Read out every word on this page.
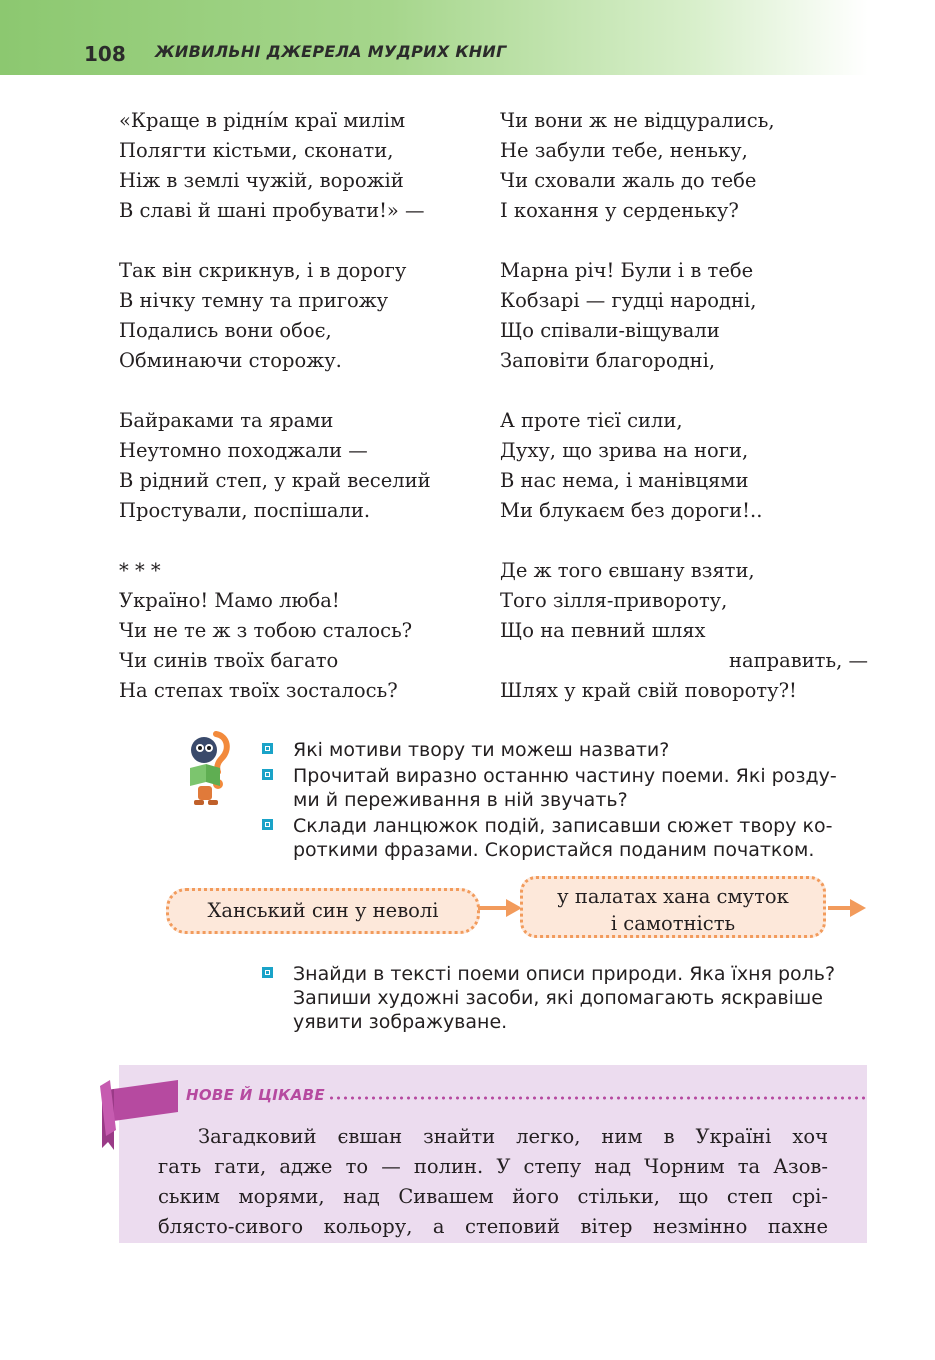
108 ЖИВИЛЬНІ ДЖЕРЕЛА МУДРИХ КНИГ
«Краще в рідні́м краї милім
Полягти кістьми, сконати,
Ніж в землі чужій, ворожій
В славі й шані пробувати!» —
Так він скрикнув, і в дорогу
В нічку темну та пригожу
Подались вони обоє,
Обминаючи сторожу.
Байраками та ярами
Неутомно походжали —
В рідний степ, у край веселий
Простували, поспішали.
* * *
Україно! Мамо люба!
Чи не те ж з тобою сталось?
Чи синів твоїх багато
На степах твоїх зосталось?
Чи вони ж не відцурались,
Не забули тебе, неньку,
Чи сховали жаль до тебе
І кохання у серденьку?
Марна річ! Були і в тебе
Кобзарі — гудці народні,
Що співали-віщували
Заповіти благородні,
А проте тієї сили,
Духу, що зрива на ноги,
В нас нема, і манівцями
Ми блукаєм без дороги!..
Де ж того євшану взяти,
Того зілля-привороту,
Що на певний шлях
направить, —
Шлях у край свій повороту?!
Які мотиви твору ти можеш назвати?
Прочитай виразно останню частину поеми. Які розду-
ми й переживання в ній звучать?
Склади ланцюжок подій, записавши сюжет твору ко-
роткими фразами. Скористайся поданим початком.
Ханський син у неволі
у палатах хана смуток
і самотність
Знайди в тексті поеми описи природи. Яка їхня роль?
Запиши художні засоби, які допомагають яскравіше
уявити зображуване.
НОВЕ Й ЦІКАВЕ
Загадковий євшан знайти легко, ним в Україні хоч
гать гати, адже то — полин. У степу над Чорним та Азов-
ським морями, над Сивашем його стільки, що степ срі-
блясто-сивого кольору, а степовий вітер незмінно пахне
